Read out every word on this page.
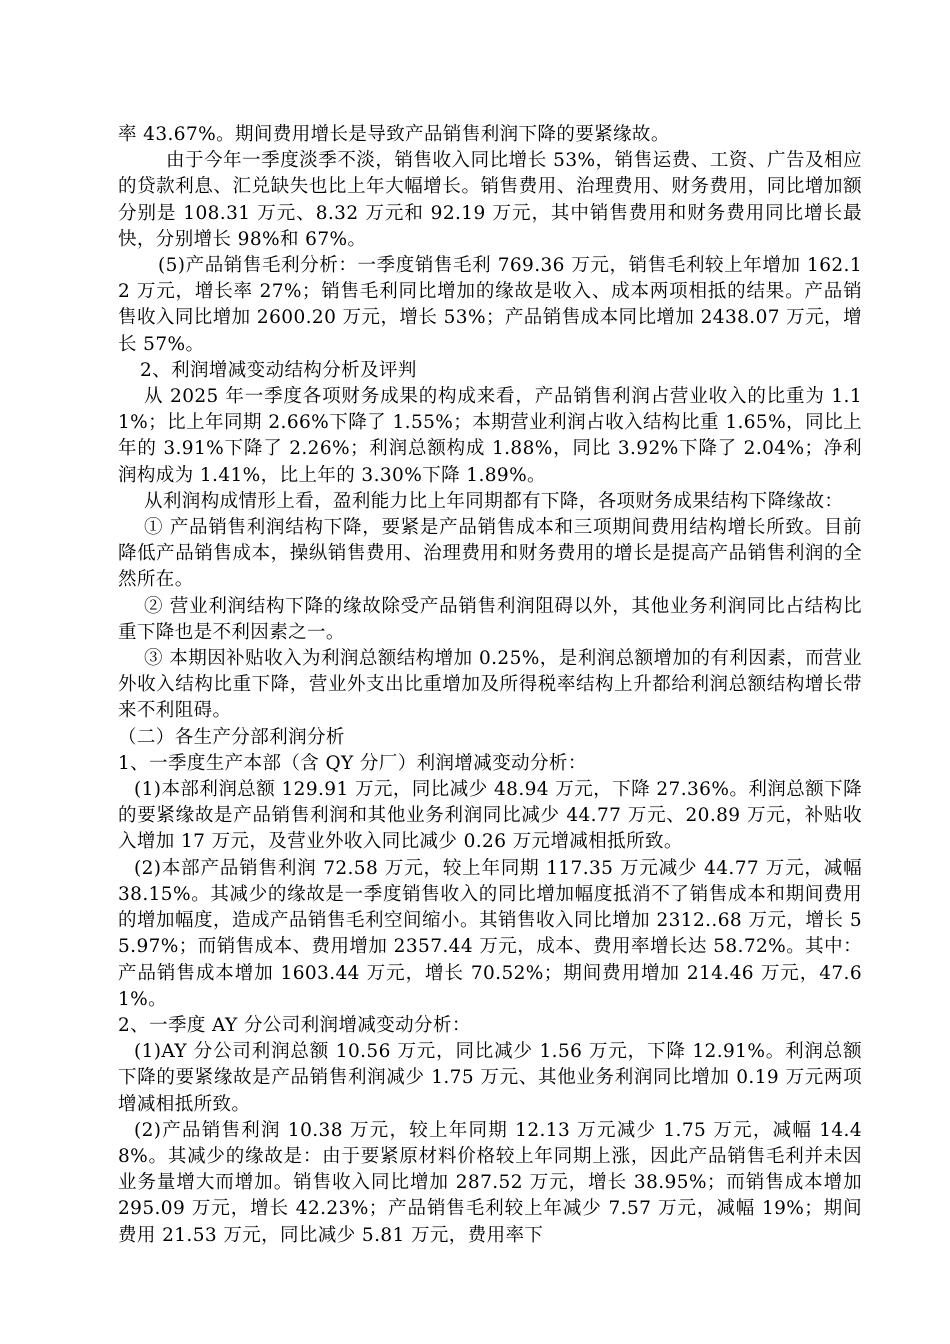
率 43.67%。期间费用增长是导致产品销售利润下降的要紧缘故。

由于今年一季度淡季不淡，销售收入同比增长 53%，销售运费、工资、广告及相应的贷款利息、汇兑缺失也比上年大幅增长。销售费用、治理费用、财务费用，同比增加额分别是 108.31 万元、8.32 万元和 92.19 万元，其中销售费用和财务费用同比增长最快，分别增长 98%和 67%。

(5)产品销售毛利分析：一季度销售毛利 769.36 万元，销售毛利较上年增加 162.12 万元，增长率 27%；销售毛利同比增加的缘故是收入、成本两项相抵的结果。产品销售收入同比增加 2600.20 万元，增长 53%；产品销售成本同比增加 2438.07 万元，增长 57%。

2、利润增减变动结构分析及评判

从 2025 年一季度各项财务成果的构成来看，产品销售利润占营业收入的比重为 1.11%；比上年同期 2.66%下降了 1.55%；本期营业利润占收入结构比重 1.65%，同比上年的 3.91%下降了 2.26%；利润总额构成 1.88%，同比 3.92%下降了 2.04%；净利润构成为 1.41%，比上年的 3.30%下降 1.89%。

从利润构成情形上看，盈利能力比上年同期都有下降，各项财务成果结构下降缘故：

① 产品销售利润结构下降，要紧是产品销售成本和三项期间费用结构增长所致。目前降低产品销售成本，操纵销售费用、治理费用和财务费用的增长是提高产品销售利润的全然所在。

② 营业利润结构下降的缘故除受产品销售利润阻碍以外，其他业务利润同比占结构比重下降也是不利因素之一。

③ 本期因补贴收入为利润总额结构增加 0.25%，是利润总额增加的有利因素，而营业外收入结构比重下降，营业外支出比重增加及所得税率结构上升都给利润总额结构增长带来不利阻碍。

（二）各生产分部利润分析

1、一季度生产本部（含 QY 分厂）利润增减变动分析：

(1)本部利润总额 129.91 万元，同比减少 48.94 万元，下降 27.36%。利润总额下降的要紧缘故是产品销售利润和其他业务利润同比减少 44.77 万元、20.89 万元，补贴收入增加 17 万元，及营业外收入同比减少 0.26 万元增减相抵所致。

(2)本部产品销售利润 72.58 万元，较上年同期 117.35 万元减少 44.77 万元，减幅 38.15%。其减少的缘故是一季度销售收入的同比增加幅度抵消不了销售成本和期间费用的增加幅度，造成产品销售毛利空间缩小。其销售收入同比增加 2312..68 万元，增长 55.97%；而销售成本、费用增加 2357.44 万元，成本、费用率增长达 58.72%。其中：产品销售成本增加 1603.44 万元，增长 70.52%；期间费用增加 214.46 万元，47.61%。

2、一季度 AY 分公司利润增减变动分析：

(1)AY 分公司利润总额 10.56 万元，同比减少 1.56 万元，下降 12.91%。利润总额下降的要紧缘故是产品销售利润减少 1.75 万元、其他业务利润同比增加 0.19 万元两项增减相抵所致。

(2)产品销售利润 10.38 万元，较上年同期 12.13 万元减少 1.75 万元，减幅 14.48%。其减少的缘故是：由于要紧原材料价格较上年同期上涨，因此产品销售毛利并未因业务量增大而增加。销售收入同比增加 287.52 万元，增长 38.95%；而销售成本增加 295.09 万元，增长 42.23%；产品销售毛利较上年减少 7.57 万元，减幅 19%；期间费用 21.53 万元，同比减少 5.81 万元，费用率下
